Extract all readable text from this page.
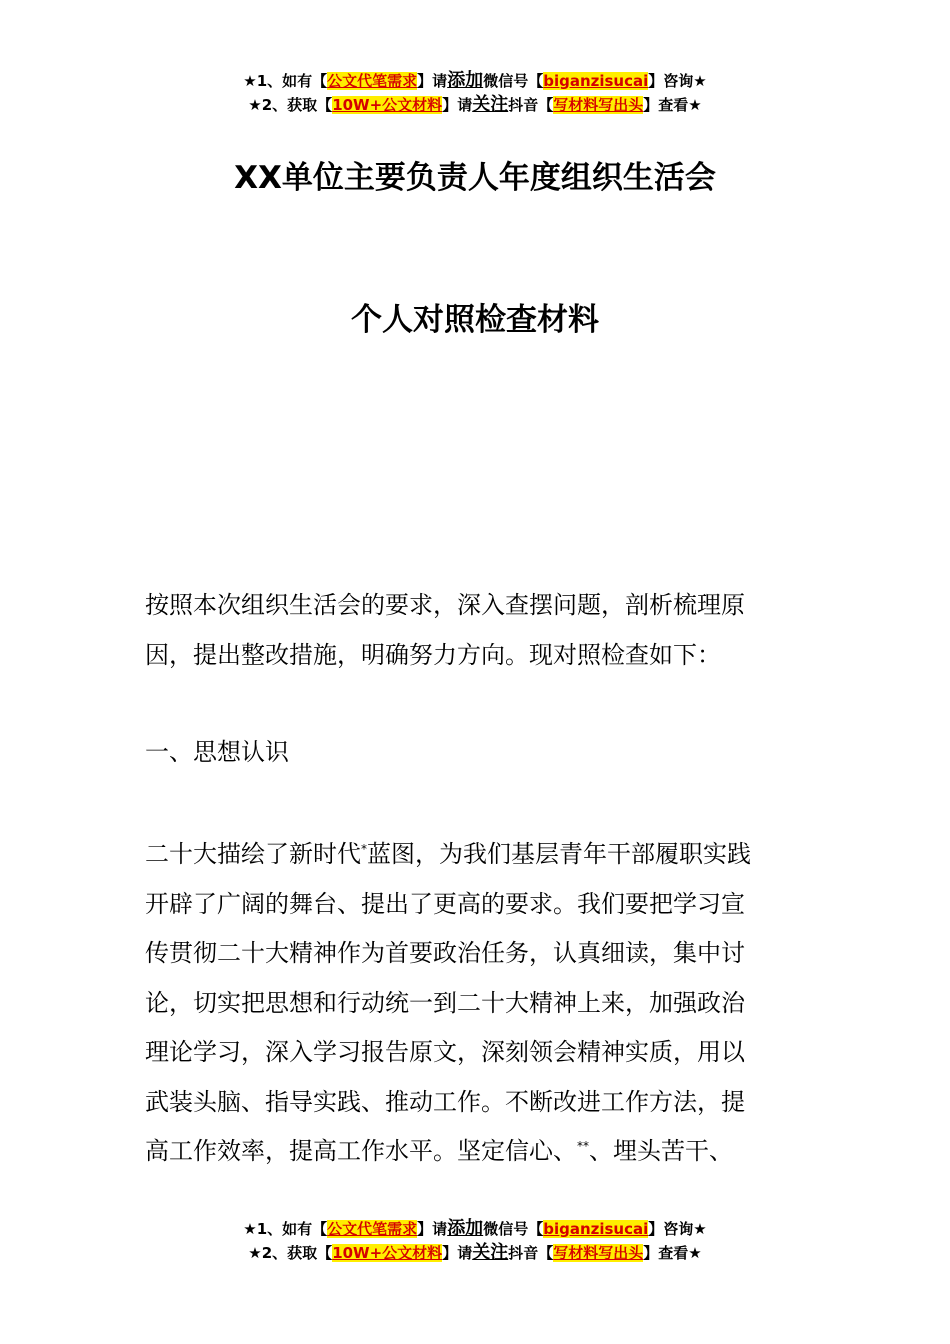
★1、如有【公文代笔需求】请添加微信号【biganzisucai】咨询★
★2、获取【10W+公文材料】请关注抖音【写材料写出头】查看★
XX单位主要负责人年度组织生活会
个人对照检查材料

按照本次组织生活会的要求，深入查摆问题，剖析梳理原
因，提出整改措施，明确努力方向。现对照检查如下：

一、思想认识

二十大描绘了新时代*蓝图，为我们基层青年干部履职实践
开辟了广阔的舞台、提出了更高的要求。我们要把学习宣
传贯彻二十大精神作为首要政治任务，认真细读，集中讨
论，切实把思想和行动统一到二十大精神上来，加强政治
理论学习，深入学习报告原文，深刻领会精神实质，用以
武装头脑、指导实践、推动工作。不断改进工作方法，提
高工作效率，提高工作水平。坚定信心、**、埋头苦干、

★1、如有【公文代笔需求】请添加微信号【biganzisucai】咨询★
★2、获取【10W+公文材料】请关注抖音【写材料写出头】查看★
